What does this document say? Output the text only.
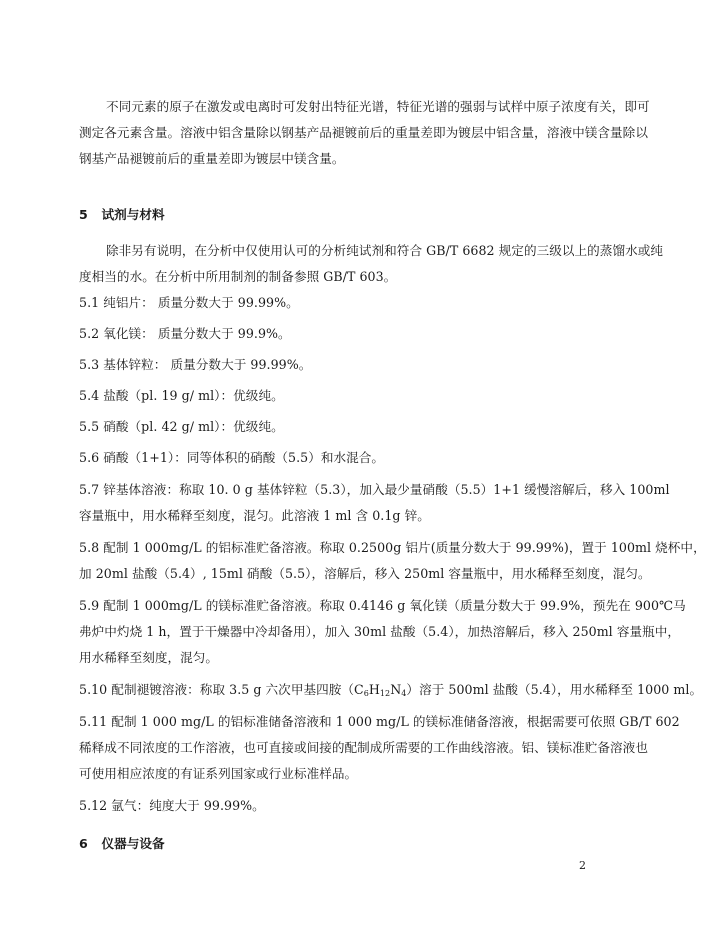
不同元素的原子在激发或电离时可发射出特征光谱，特征光谱的强弱与试样中原子浓度有关，即可
测定各元素含量。溶液中铝含量除以钢基产品褪镀前后的重量差即为镀层中铝含量，溶液中镁含量除以
钢基产品褪镀前后的重量差即为镀层中镁含量。
5 试剂与材料
除非另有说明，在分析中仅使用认可的分析纯试剂和符合 GB/T 6682 规定的三级以上的蒸馏水或纯
度相当的水。在分析中所用制剂的制备参照 GB/T 603。
5.1 纯铝片： 质量分数大于 99.99%。
5.2 氧化镁： 质量分数大于 99.9%。
5.3 基体锌粒： 质量分数大于 99.99%。
5.4 盐酸（pl. 19 g/ ml）：优级纯。
5.5 硝酸（pl. 42 g/ ml）：优级纯。
5.6 硝酸（1+1）：同等体积的硝酸（5.5）和水混合。
5.7 锌基体溶液：称取 10. 0 g 基体锌粒（5.3），加入最少量硝酸（5.5）1+1 缓慢溶解后，移入 100ml
容量瓶中，用水稀释至刻度，混匀。此溶液 1 ml 含 0.1g 锌。
5.8 配制 1 000mg/L 的铝标准贮备溶液。称取 0.2500g 铝片(质量分数大于 99.99%)，置于 100ml 烧杯中，
加 20ml 盐酸（5.4）, 15ml 硝酸（5.5），溶解后，移入 250ml 容量瓶中，用水稀释至刻度，混匀。
5.9 配制 1 000mg/L 的镁标准贮备溶液。称取 0.4146 g 氧化镁（质量分数大于 99.9%，预先在 900℃马
弗炉中灼烧 1 h，置于干燥器中冷却备用），加入 30ml 盐酸（5.4），加热溶解后，移入 250ml 容量瓶中，
用水稀释至刻度，混匀。
5.10 配制褪镀溶液：称取 3.5 g 六次甲基四胺$(C_6H_{12}N_4)$溶于 500ml 盐酸（5.4），用水稀释至 1000 ml。
5.11 配制 1 000 mg/L 的铝标准储备溶液和 1 000 mg/L 的镁标准储备溶液，根据需要可依照 GB/T 602
稀释成不同浓度的工作溶液，也可直接或间接的配制成所需要的工作曲线溶液。铝、镁标准贮备溶液也
可使用相应浓度的有证系列国家或行业标准样品。
5.12 氩气：纯度大于 99.99%。
6 仪器与设备
2
